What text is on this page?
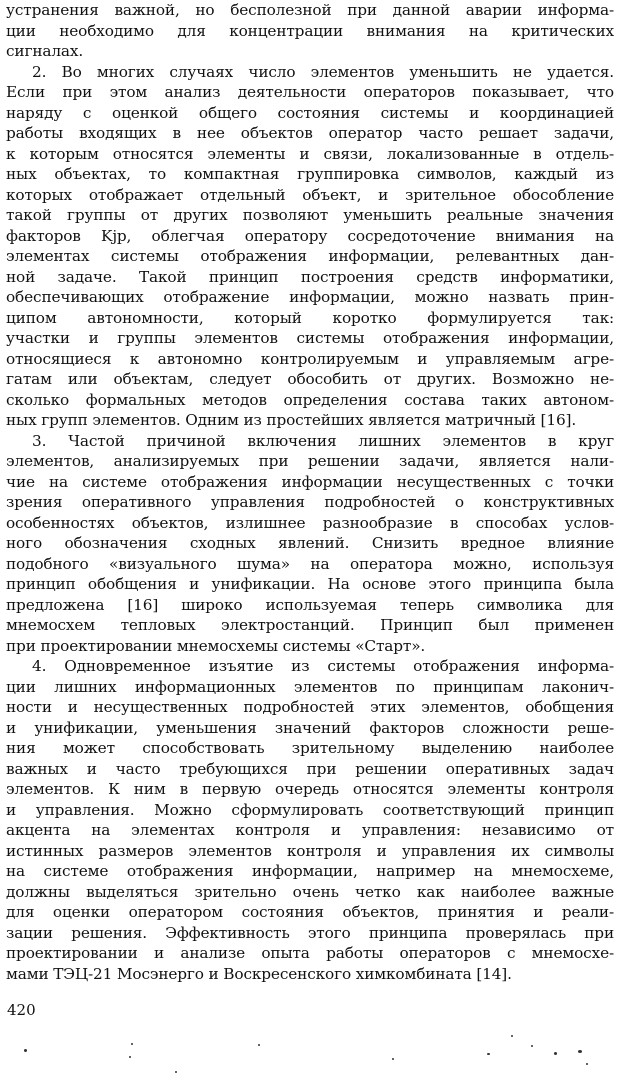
устранения важной, но бесполезной при данной аварии информа-
ции необходимо для концентрации внимания на критических
сигналах.
2. Во многих случаях число элементов уменьшить не удается.
Если при этом анализ деятельности операторов показывает, что
наряду с оценкой общего состояния системы и координацией
работы входящих в нее объектов оператор часто решает задачи,
к которым относятся элементы и связи, локализованные в отдель-
ных объектах, то компактная группировка символов, каждый из
которых отображает отдельный объект, и зрительное обособление
такой группы от других позволяют уменьшить реальные значения
факторов Kjp, облегчая оператору сосредоточение внимания на
элементах системы отображения информации, релевантных дан-
ной задаче. Такой принцип построения средств информатики,
обеспечивающих отображение информации, можно назвать прин-
ципом автономности, который коротко формулируется так:
участки и группы элементов системы отображения информации,
относящиеся к автономно контролируемым и управляемым агре-
гатам или объектам, следует обособить от других. Возможно не-
сколько формальных методов определения состава таких автоном-
ных групп элементов. Одним из простейших является матричный [16].
3. Частой причиной включения лишних элементов в круг
элементов, анализируемых при решении задачи, является нали-
чие на системе отображения информации несущественных с точки
зрения оперативного управления подробностей о конструктивных
особенностях объектов, излишнее разнообразие в способах услов-
ного обозначения сходных явлений. Снизить вредное влияние
подобного «визуального шума» на оператора можно, используя
принцип обобщения и унификации. На основе этого принципа была
предложена [16] широко используемая теперь символика для
мнемосхем тепловых электростанций. Принцип был применен
при проектировании мнемосхемы системы «Старт».
4. Одновременное изъятие из системы отображения информа-
ции лишних информационных элементов по принципам лаконич-
ности и несущественных подробностей этих элементов, обобщения
и унификации, уменьшения значений факторов сложности реше-
ния может способствовать зрительному выделению наиболее
важных и часто требующихся при решении оперативных задач
элементов. К ним в первую очередь относятся элементы контроля
и управления. Можно сформулировать соответствующий принцип
акцента на элементах контроля и управления: независимо от
истинных размеров элементов контроля и управления их символы
на системе отображения информации, например на мнемосхеме,
должны выделяться зрительно очень четко как наиболее важные
для оценки оператором состояния объектов, принятия и реали-
зации решения. Эффективность этого принципа проверялась при
проектировании и анализе опыта работы операторов с мнемосхе-
мами ТЭЦ-21 Мосэнерго и Воскресенского химкомбината [14].
420
